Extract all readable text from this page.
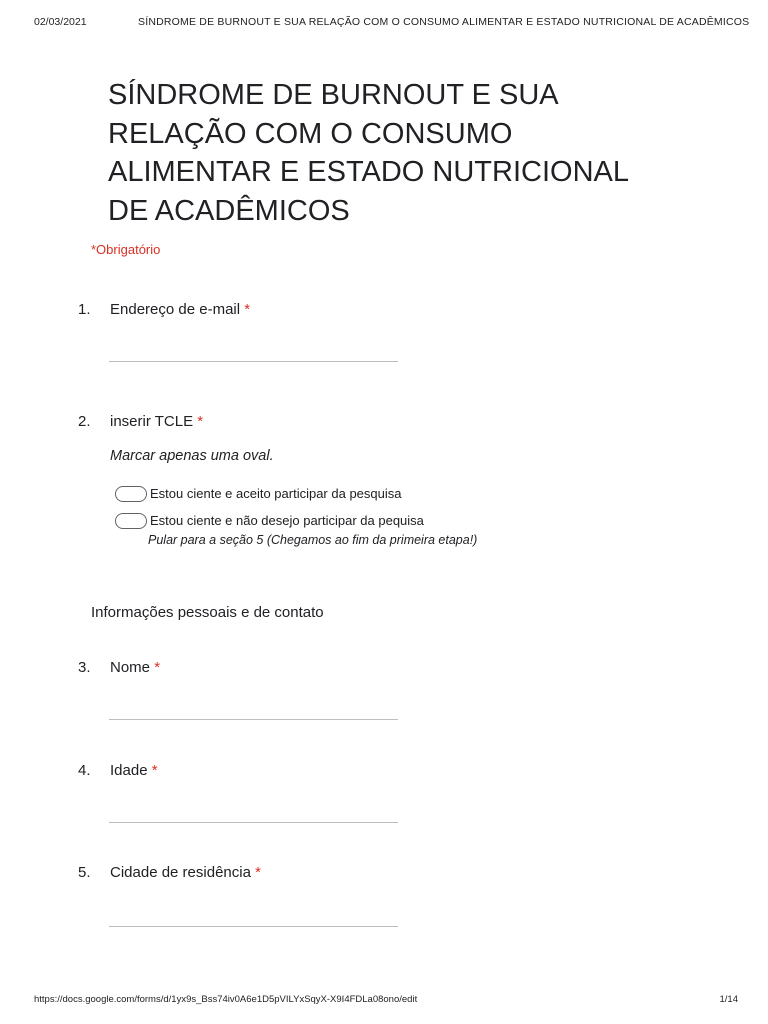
02/03/2021	SÍNDROME DE BURNOUT E SUA RELAÇÃO COM O CONSUMO ALIMENTAR E ESTADO NUTRICIONAL DE ACADÊMICOS
SÍNDROME DE BURNOUT E SUA
RELAÇÃO COM O CONSUMO
ALIMENTAR E ESTADO NUTRICIONAL
DE ACADÊMICOS
*Obrigatório
1.	Endereço de e-mail *
2.	inserir TCLE *
Marcar apenas uma oval.
Estou ciente e aceito participar da pesquisa
Estou ciente e não desejo participar da pequisa
Pular para a seção 5 (Chegamos ao fim da primeira etapa!)
Informações pessoais e de contato
3.	Nome *
4.	Idade *
5.	Cidade de residência *
https://docs.google.com/forms/d/1yx9s_Bss74iv0A6e1D5pVILYxSqyX-X9I4FDLa08ono/edit	1/14
